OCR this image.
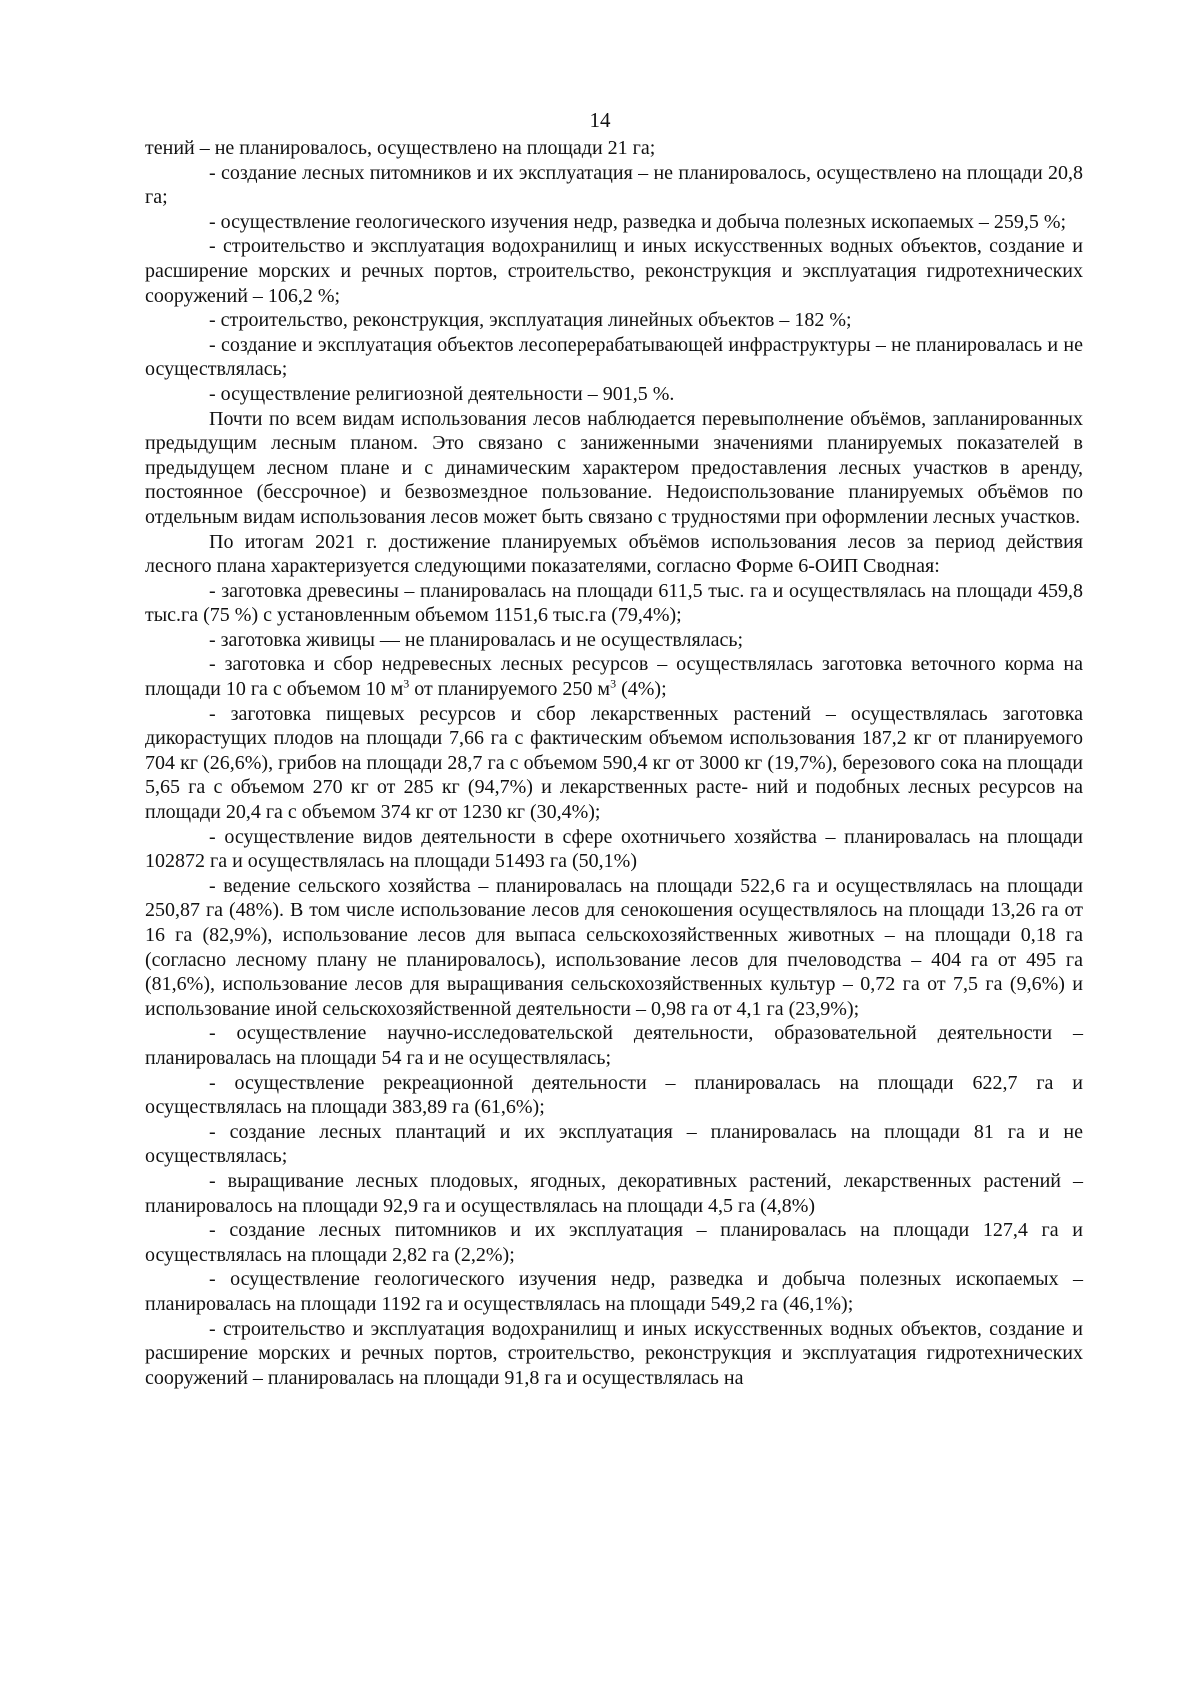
14

тений – не планировалось, осуществлено на площади 21 га;

- создание лесных питомников и их эксплуатация – не планировалось, осуществлено на площади 20,8 га;

- осуществление геологического изучения недр, разведка и добыча полезных ископаемых – 259,5 %;

- строительство и эксплуатация водохранилищ и иных искусственных водных объектов, создание и расширение морских и речных портов, строительство, реконструкция и эксплуатация гидротехнических сооружений – 106,2 %;

- строительство, реконструкция, эксплуатация линейных объектов – 182 %;

- создание и эксплуатация объектов лесоперерабатывающей инфраструктуры – не планировалась и не осуществлялась;

- осуществление религиозной деятельности – 901,5 %.

Почти по всем видам использования лесов наблюдается перевыполнение объёмов, запланированных предыдущим лесным планом. Это связано с заниженными значениями планируемых показателей в предыдущем лесном плане и с динамическим характером предоставления лесных участков в аренду, постоянное (бессрочное) и безвозмездное пользование. Недоиспользование планируемых объёмов по отдельным видам использования лесов может быть связано с трудностями при оформлении лесных участков.

По итогам 2021 г. достижение планируемых объёмов использования лесов за период действия лесного плана характеризуется следующими показателями, согласно Форме 6-ОИП Сводная:

- заготовка древесины – планировалась на площади 611,5 тыс. га и осуществлялась на площади 459,8 тыс.га (75 %) с установленным объемом 1151,6 тыс.га (79,4%);

- заготовка живицы — не планировалась и не осуществлялась;

- заготовка и сбор недревесных лесных ресурсов – осуществлялась заготовка веточного корма на площади 10 га с объемом 10 $м^3$ от планируемого 250 $м^3$ (4%);

- заготовка пищевых ресурсов и сбор лекарственных растений – осуществлялась заготовка дикорастущих плодов на площади 7,66 га с фактическим объемом использования 187,2 кг от планируемого 704 кг (26,6%), грибов на площади 28,7 га с объемом 590,4 кг от 3000 кг (19,7%), березового сока на площади 5,65 га с объемом 270 кг от 285 кг (94,7%) и лекарственных расте- ний и подобных лесных ресурсов на площади 20,4 га с объемом 374 кг от 1230 кг (30,4%);

- осуществление видов деятельности в сфере охотничьего хозяйства – планировалась на площади 102872 га и осуществлялась на площади 51493 га (50,1%)

- ведение сельского хозяйства – планировалась на площади 522,6 га и осуществлялась на площади 250,87 га (48%). В том числе использование лесов для сенокошения осуществлялось на площади 13,26 га от 16 га (82,9%), использование лесов для выпаса сельскохозяйственных животных – на площади 0,18 га (согласно лесному плану не планировалось), использование лесов для пчеловодства – 404 га от 495 га (81,6%), использование лесов для выращивания сельскохозяйственных культур – 0,72 га от 7,5 га (9,6%) и использование иной сельскохозяйственной деятельности – 0,98 га от 4,1 га (23,9%);

- осуществление научно-исследовательской деятельности, образовательной деятельности – планировалась на площади 54 га и не осуществлялась;

- осуществление рекреационной деятельности – планировалась на площади 622,7 га и осуществлялась на площади 383,89 га (61,6%);

- создание лесных плантаций и их эксплуатация – планировалась на площади 81 га и не осуществлялась;

- выращивание лесных плодовых, ягодных, декоративных растений, лекарственных растений – планировалось на площади 92,9 га и осуществлялась на площади 4,5 га (4,8%)

- создание лесных питомников и их эксплуатация – планировалась на площади 127,4 га и осуществлялась на площади 2,82 га (2,2%);

- осуществление геологического изучения недр, разведка и добыча полезных ископаемых – планировалась на площади 1192 га и осуществлялась на площади 549,2 га (46,1%);

- строительство и эксплуатация водохранилищ и иных искусственных водных объектов, создание и расширение морских и речных портов, строительство, реконструкция и эксплуатация гидротехнических сооружений – планировалась на площади 91,8 га и осуществлялась на
